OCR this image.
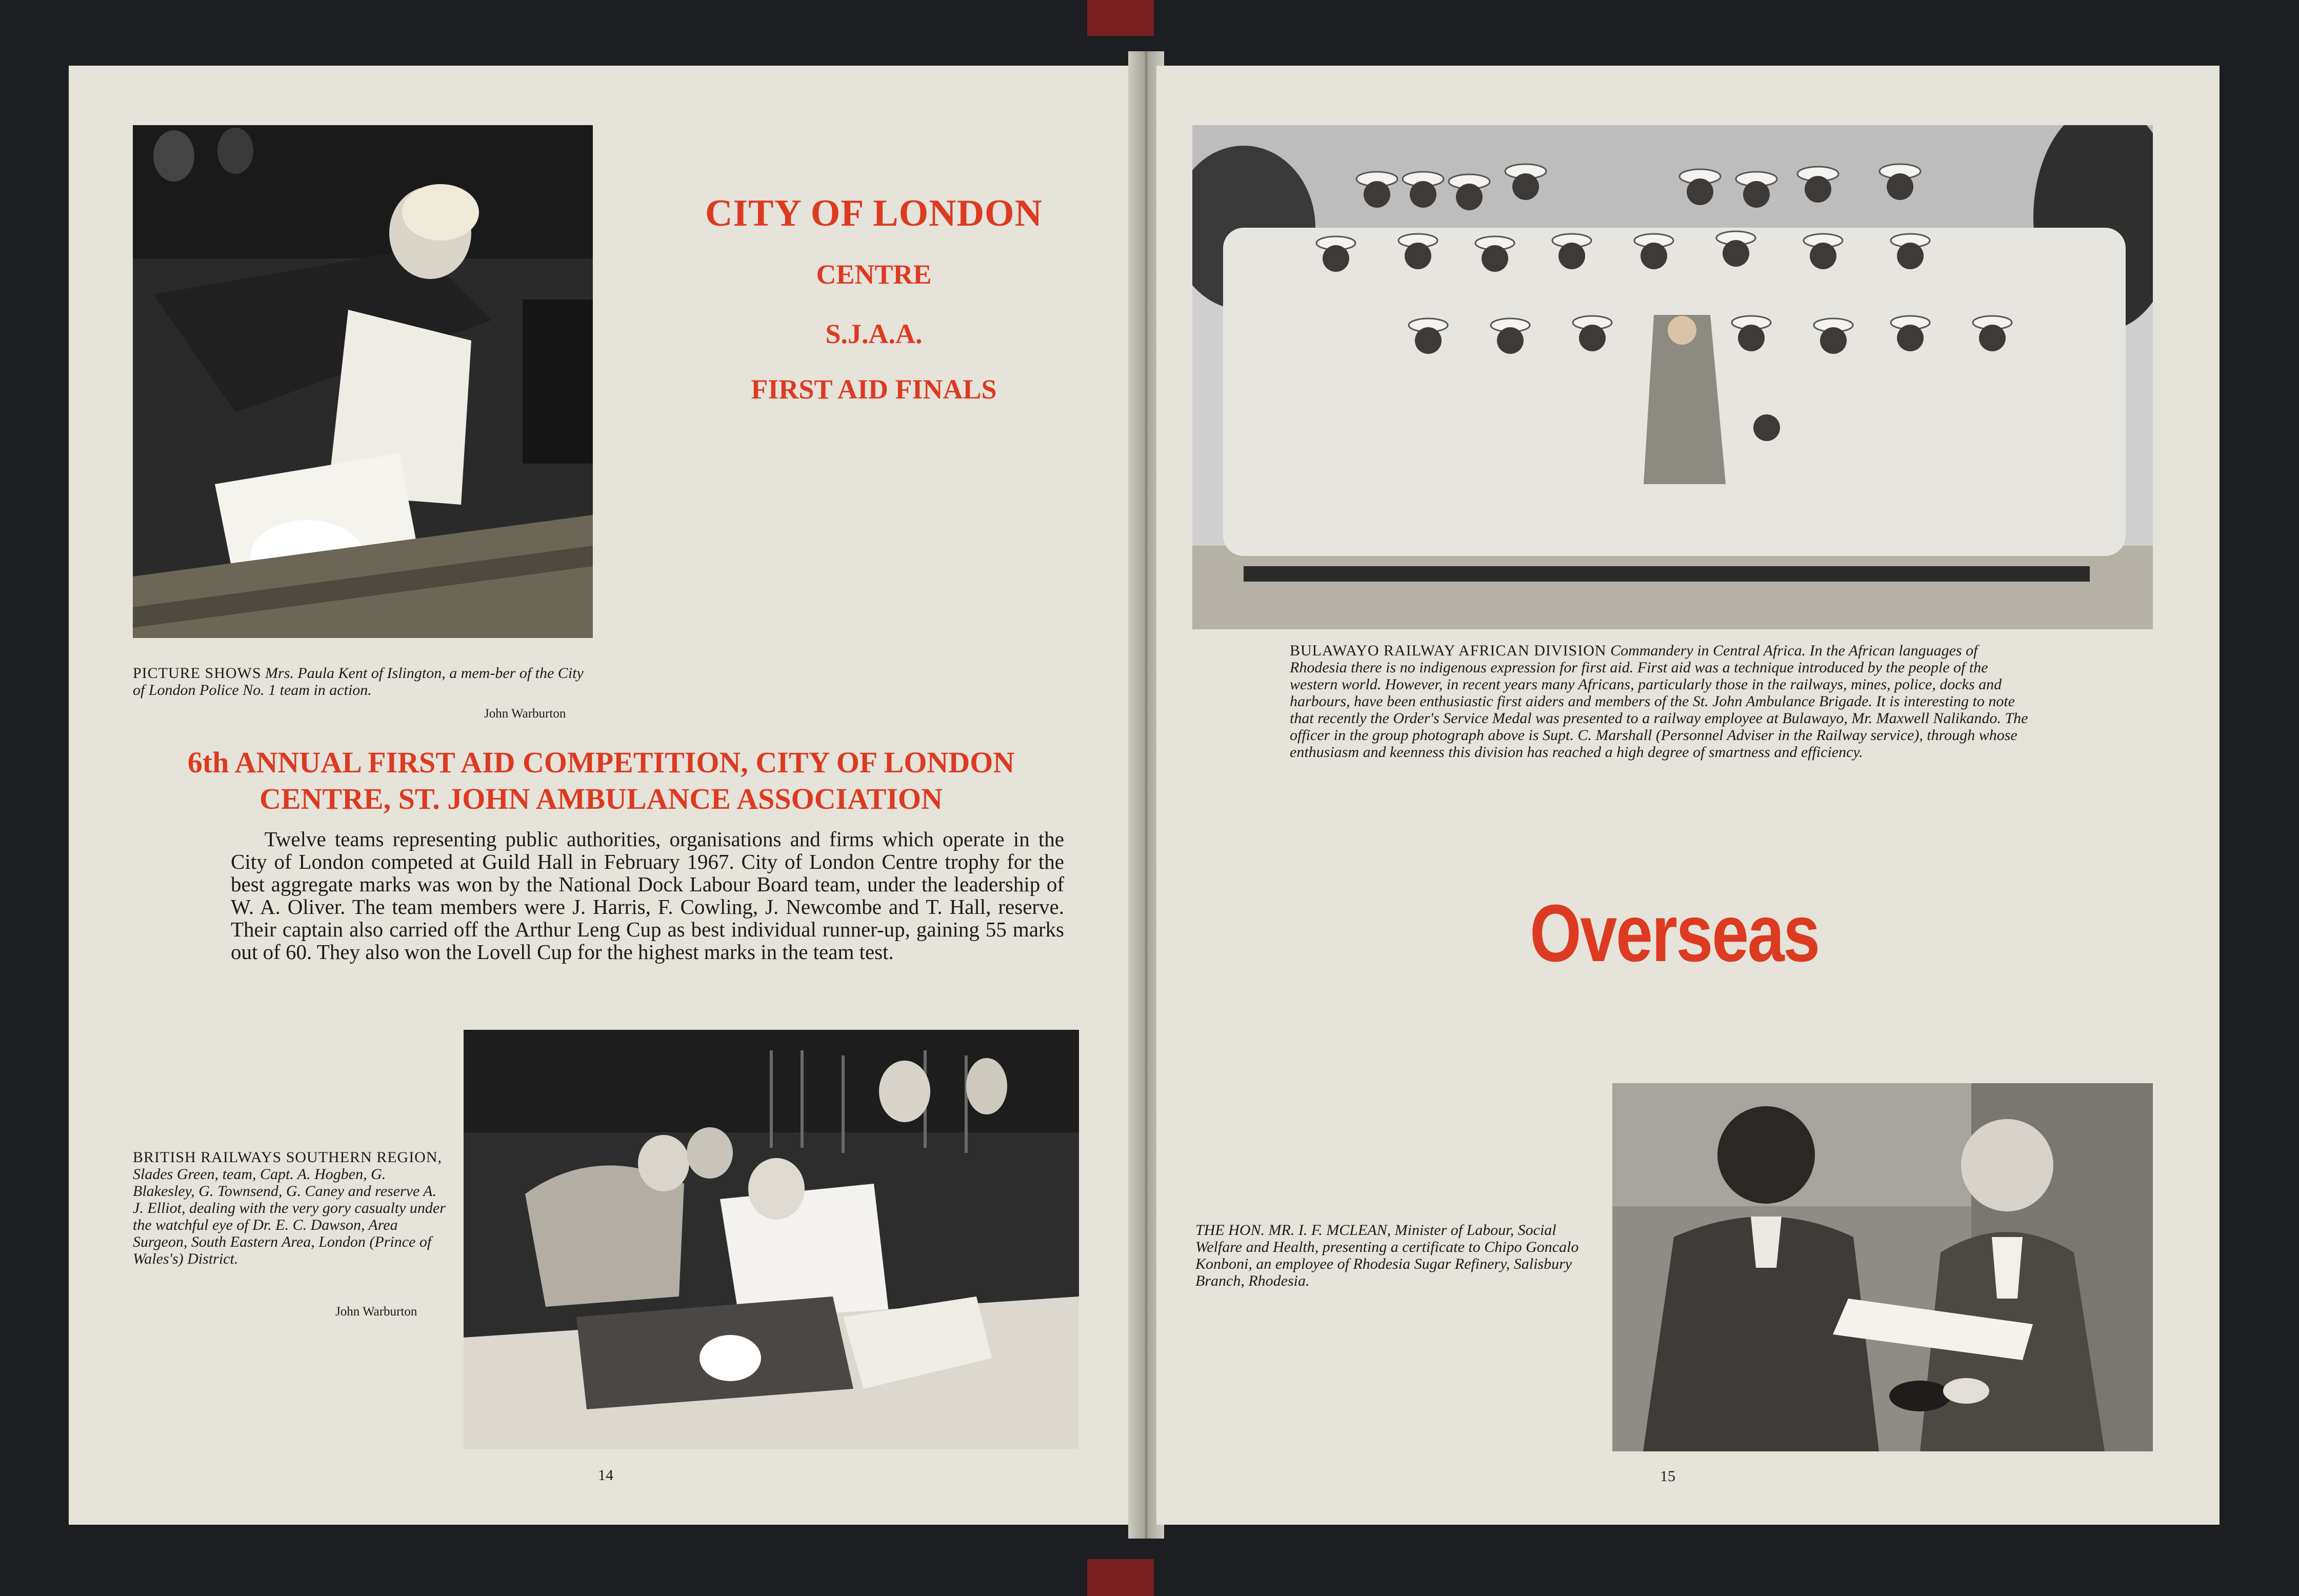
CITY OF LONDON
CENTRE
S.J.A.A.
FIRST AID FINALS
PICTURE SHOWS Mrs. Paula Kent of Islington, a mem-ber of the City of London Police No. 1 team in action.
John Warburton
6th ANNUAL FIRST AID COMPETITION, CITY OF LONDON
CENTRE, ST. JOHN AMBULANCE ASSOCIATION
Twelve teams representing public authorities, organisations and firms which operate in the City of London competed at Guild Hall in February 1967. City of London Centre trophy for the best aggregate marks was won by the National Dock Labour Board team, under the leadership of W. A. Oliver. The team members were J. Harris, F. Cowling, J. Newcombe and T. Hall, reserve. Their captain also carried off the Arthur Leng Cup as best individual runner-up, gaining 55 marks out of 60. They also won the Lovell Cup for the highest marks in the team test.
BRITISH RAILWAYS SOUTHERN REGION, Slades Green, team, Capt. A. Hogben, G. Blakesley, G. Townsend, G. Caney and reserve A. J. Elliot, dealing with the very gory casualty under the watchful eye of Dr. E. C. Dawson, Area Surgeon, South Eastern Area, London (Prince of Wales's) District.
John Warburton
14
BULAWAYO RAILWAY AFRICAN DIVISION Commandery in Central Africa. In the African languages of Rhodesia there is no indigenous expression for first aid. First aid was a technique introduced by the people of the western world. However, in recent years many Africans, particularly those in the railways, mines, police, docks and harbours, have been enthusiastic first aiders and members of the St. John Ambulance Brigade. It is interesting to note that recently the Order's Service Medal was presented to a railway employee at Bulawayo, Mr. Maxwell Nalikando. The officer in the group photograph above is Supt. C. Marshall (Personnel Adviser in the Railway service), through whose enthusiasm and keenness this division has reached a high degree of smartness and efficiency.
Overseas
THE HON. MR. I. F. MCLEAN, Minister of Labour, Social Welfare and Health, presenting a certificate to Chipo Goncalo Konboni, an employee of Rhodesia Sugar Refinery, Salisbury Branch, Rhodesia.
15
